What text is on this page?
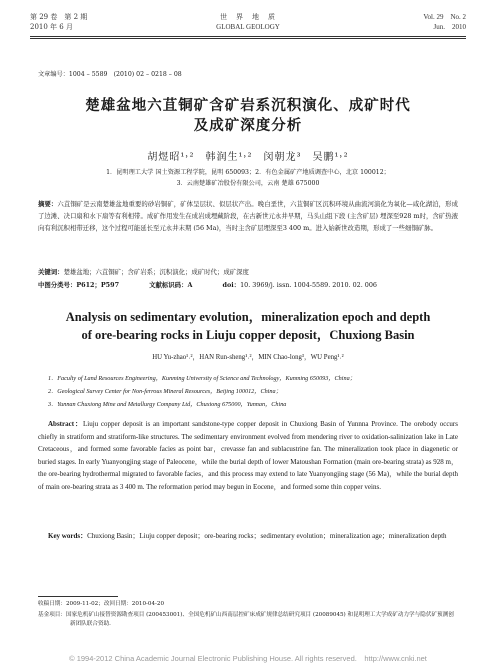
第 29 卷　第 2 期
2010 年 6 月
世　界　地　质
GLOBAL GEOLOGY
Vol. 29　No. 2
Jun.　2010
文章编号：1004 – 5589　(2010) 02 – 0218 – 08
楚雄盆地六苴铜矿含矿岩系沉积演化、成矿时代
及成矿深度分析
胡煜昭¹˒²　韩润生¹˒²　闵朝龙³　吴鹏¹˒²
1．昆明理工大学 国土资源工程学院，昆明 650093；2．有色金属矿产地质调查中心，北京 100012；
3．云南楚雄矿冶股份有限公司，云南 楚雄 675000
摘要：六苴铜矿是云南楚雄盆地重要的砂岩铜矿，矿体呈层状、似层状产出。晚白垩世，六苴铜矿区沉积环境从曲流河演化为氧化—咸化湖泊，形成了边滩、决口扇和水下扇等有利相带。成矿作用发生在成岩成埋藏阶段，在古新世元永井早期，马头山组下段 (主含矿层) 埋深至928 m时，含矿热液向有利沉积相带迁移，这个过程可能延长至元永井末期 (56 Ma)，当时主含矿层埋深至3 400 m。进入始新世改造期，形成了一些细铜矿脉。
关键词：楚雄盆地；六苴铜矿；含矿岩系；沉积演化；成矿时代；成矿深度
中图分类号：P612；P597	文献标识码：A	doi：10. 3969/j. issn. 1004-5589. 2010. 02. 006
Analysis on sedimentary evolution，mineralization epoch and depth
of ore-bearing rocks in Liuju copper deposit，Chuxiong Basin
HU Yu-zhao¹˒²，HAN Run-sheng¹˒²，MIN Chao-long³，WU Peng¹˒²
1．Faculty of Land Resources Engineering，Kunming University of Science and Technology，Kunming 650093，China；
2．Geological Survey Center for Non-ferrous Mineral Resources，Beijing 100012，China；
3．Yunnan Chuxiong Mine and Metallurgy Company Ltd，Chuxiong 675000，Yunnan，China
Abstract：Liuju copper deposit is an important sandstone-type copper deposit in Chuxiong Basin of Yunnna Province. The orebody occurs chiefly in stratiform and stratiform-like structures. The sedimentary environment evolved from mendering river to oxidation-salinization lake in Late Cretaceous，and formed some favorable facies as point bar，crevasse fan and sublacustrine fan. The mineralization took place in diagenetic or buried stages. In early Yuanyongjing stage of Paleocene，while the burial depth of lower Matoushan Formation (main ore-bearing strata) as 928 m，the ore-bearing hydrothermal migrated to favorable facies，and this process may extend to late Yuanyongjing stage (56 Ma)，while the burial depth of main ore-bearing strata as 3 400 m. The reformation period may begun in Eocene，and formed some thin copper veins.
Key words：Chuxiong Basin；Liuju copper deposit；ore-bearing rocks；sedimentary evolution；mineralization age；mineralization depth
收稿日期：2009-11-02；改回日期：2010-04-20
基金项目：国家危机矿山接替资源勘查项目 (200453001)、全国危机矿山西南层控矿床成矿规律总结研究项目 (20089045) 和昆明理工大学成矿动力学与隐伏矿预测创新团队联合资助.
© 1994-2012 China Academic Journal Electronic Publishing House. All rights reserved.　http://www.cnki.net
